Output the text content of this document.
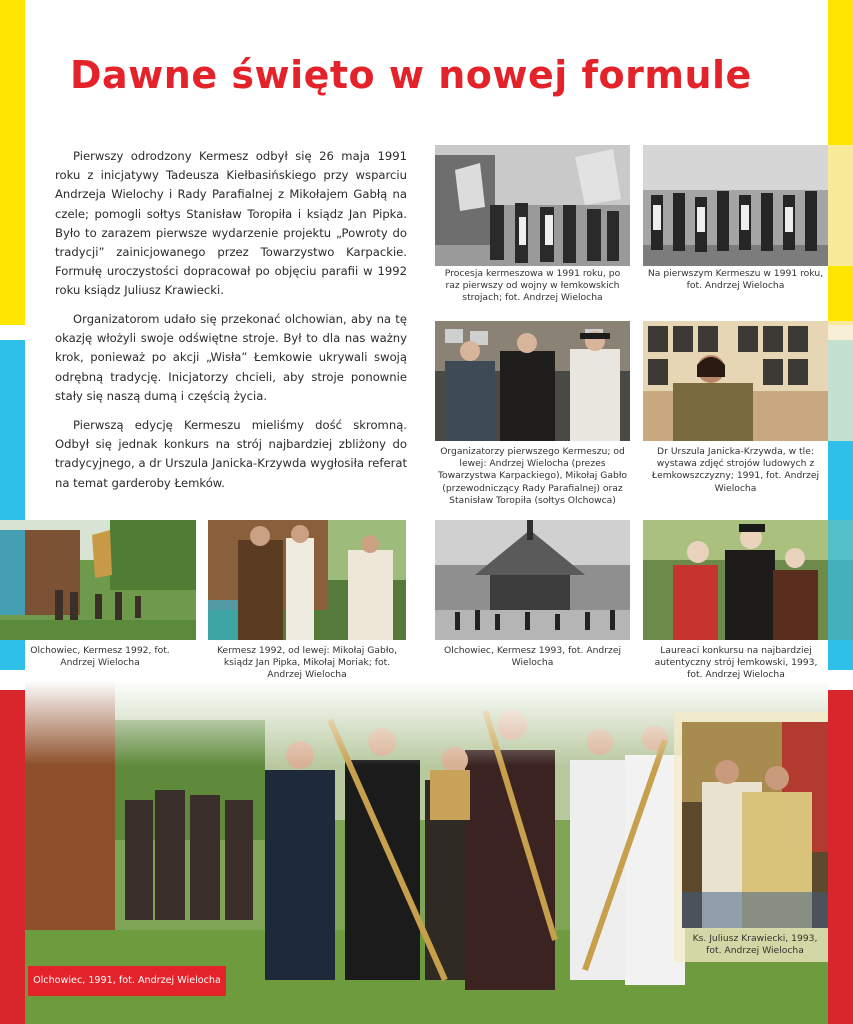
Dawne święto w nowej formule

Pierwszy odrodzony Kermesz odbył się 26 maja 1991 roku z inicjatywy Tadeusza Kiełbasińskiego przy wsparciu Andrzeja Wielochy i Rady Parafialnej z Mikołajem Gabłą na czele; pomogli sołtys Stanisław Toropiła i ksiądz Jan Pipka. Było to zarazem pierwsze wydarzenie projektu „Powroty do tradycji” zainicjowanego przez Towarzystwo Karpackie. Formułę uroczystości dopracował po objęciu parafii w 1992 roku ksiądz Juliusz Krawiecki.

Organizatorom udało się przekonać olchowian, aby na tę okazję włożyli swoje odświętne stroje. Był to dla nas ważny krok, ponieważ po akcji „Wisła” Łemkowie ukrywali swoją odrębną tradycję. Inicjatorzy chcieli, aby stroje ponownie stały się naszą dumą i częścią życia.

Pierwszą edycję Kermeszu mieliśmy dość skromną. Odbył się jednak konkurs na strój najbardziej zbliżony do tradycyjnego, a dr Urszula Janicka-Krzywda wygłosiła referat na temat garderoby Łemków.

Procesja kermeszowa w 1991 roku, po raz pierwszy od wojny w łemkowskich strojach; fot. Andrzej Wielocha
Na pierwszym Kermeszu w 1991 roku, fot. Andrzej Wielocha
Organizatorzy pierwszego Kermeszu; od lewej: Andrzej Wielocha (prezes Towarzystwa Karpackiego), Mikołaj Gabło (przewodniczący Rady Parafialnej) oraz Stanisław Toropiła (sołtys Olchowca)
Dr Urszula Janicka-Krzywda, w tle: wystawa zdjęć strojów ludowych z Łemkowszczyzny; 1991, fot. Andrzej Wielocha
Olchowiec, Kermesz 1992, fot. Andrzej Wielocha
Kermesz 1992, od lewej: Mikołaj Gabło, ksiądz Jan Pipka, Mikołaj Moriak; fot. Andrzej Wielocha
Olchowiec, Kermesz 1993, fot. Andrzej Wielocha
Laureaci konkursu na najbardziej autentyczny strój łemkowski, 1993, fot. Andrzej Wielocha
Ks. Juliusz Krawiecki, 1993, fot. Andrzej Wielocha
Olchowiec, 1991, fot. Andrzej Wielocha
